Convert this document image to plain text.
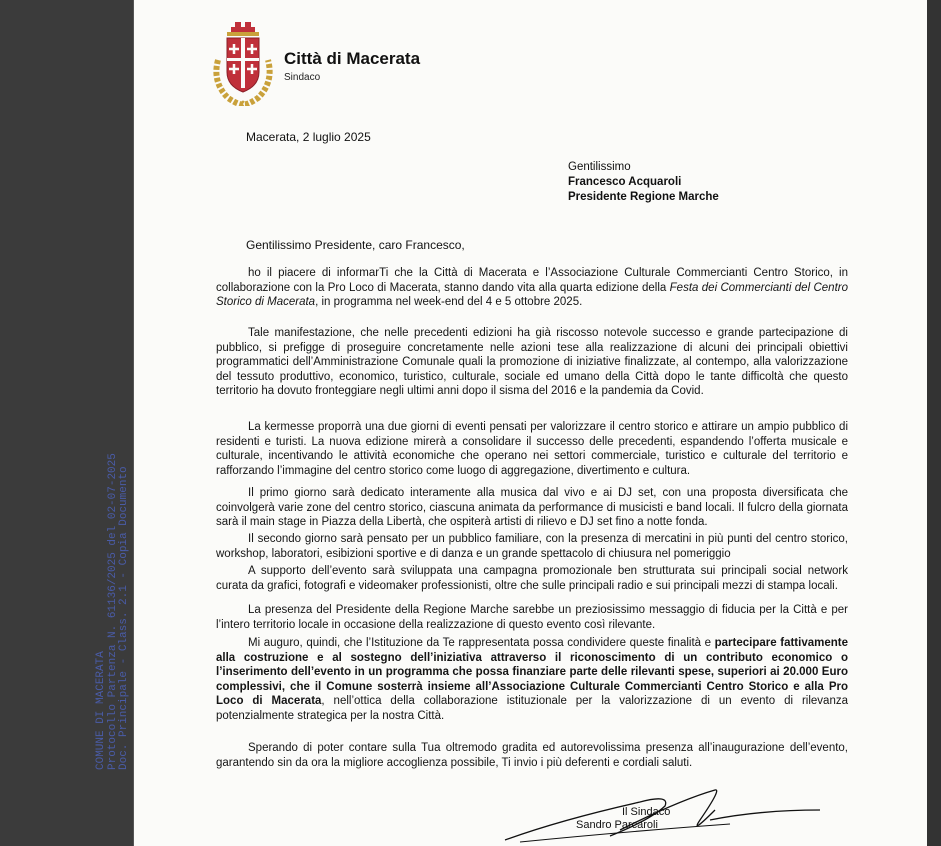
Città di Macerata
Sindaco
Macerata, 2 luglio 2025
Gentilissimo
Francesco Acquaroli
Presidente Regione Marche
COMUNE DI MACERATA Protocollo Partenza N. 61136/2025 del 02-07-2025 Doc. Principale - Class. 2.1 - Copia Documento
Gentilissimo Presidente, caro Francesco,

ho il piacere di informarTi che la Città di Macerata e l’Associazione Culturale Commercianti Centro Storico, in collaborazione con la Pro Loco di Macerata, stanno dando vita alla quarta edizione della Festa dei Commercianti del Centro Storico di Macerata, in programma nel week-end del 4 e 5 ottobre 2025.

Tale manifestazione, che nelle precedenti edizioni ha già riscosso notevole successo e grande partecipazione di pubblico, si prefigge di proseguire concretamente nelle azioni tese alla realizzazione di alcuni dei principali obiettivi programmatici dell’Amministrazione Comunale quali la promozione di iniziative finalizzate, al contempo, alla valorizzazione del tessuto produttivo, economico, turistico, culturale, sociale ed umano della Città dopo le tante difficoltà che questo territorio ha dovuto fronteggiare negli ultimi anni dopo il sisma del 2016 e la pandemia da Covid.

La kermesse proporrà una due giorni di eventi pensati per valorizzare il centro storico e attirare un ampio pubblico di residenti e turisti. La nuova edizione mirerà a consolidare il successo delle precedenti, espandendo l’offerta musicale e culturale, incentivando le attività economiche che operano nei settori commerciale, turistico e culturale del territorio e rafforzando l’immagine del centro storico come luogo di aggregazione, divertimento e cultura.

Il primo giorno sarà dedicato interamente alla musica dal vivo e ai DJ set, con una proposta diversificata che coinvolgerà varie zone del centro storico, ciascuna animata da performance di musicisti e band locali. Il fulcro della giornata sarà il main stage in Piazza della Libertà, che ospiterà artisti di rilievo e DJ set fino a notte fonda.

Il secondo giorno sarà pensato per un pubblico familiare, con la presenza di mercatini in più punti del centro storico, workshop, laboratori, esibizioni sportive e di danza e un grande spettacolo di chiusura nel pomeriggio

A supporto dell’evento sarà sviluppata una campagna promozionale ben strutturata sui principali social network curata da grafici, fotografi e videomaker professionisti, oltre che sulle principali radio e sui principali mezzi di stampa locali.

La presenza del Presidente della Regione Marche sarebbe un preziosissimo messaggio di fiducia per la Città e per l’intero territorio locale in occasione della realizzazione di questo evento così rilevante.

Mi auguro, quindi, che l’Istituzione da Te rappresentata possa condividere queste finalità e partecipare fattivamente alla costruzione e al sostegno dell’iniziativa attraverso il riconoscimento di un contributo economico o l’inserimento dell’evento in un programma che possa finanziare parte delle rilevanti spese, superiori ai 20.000 Euro complessivi, che il Comune sosterrà insieme all’Associazione Culturale Commercianti Centro Storico e alla Pro Loco di Macerata, nell’ottica della collaborazione istituzionale per la valorizzazione di un evento di rilevanza potenzialmente strategica per la nostra Città.

Sperando di poter contare sulla Tua oltremodo gradita ed autorevolissima presenza all’inaugurazione dell’evento, garantendo sin da ora la migliore accoglienza possibile, Ti invio i più deferenti e cordiali saluti.

Il Sindaco
Sandro Parcaroli
